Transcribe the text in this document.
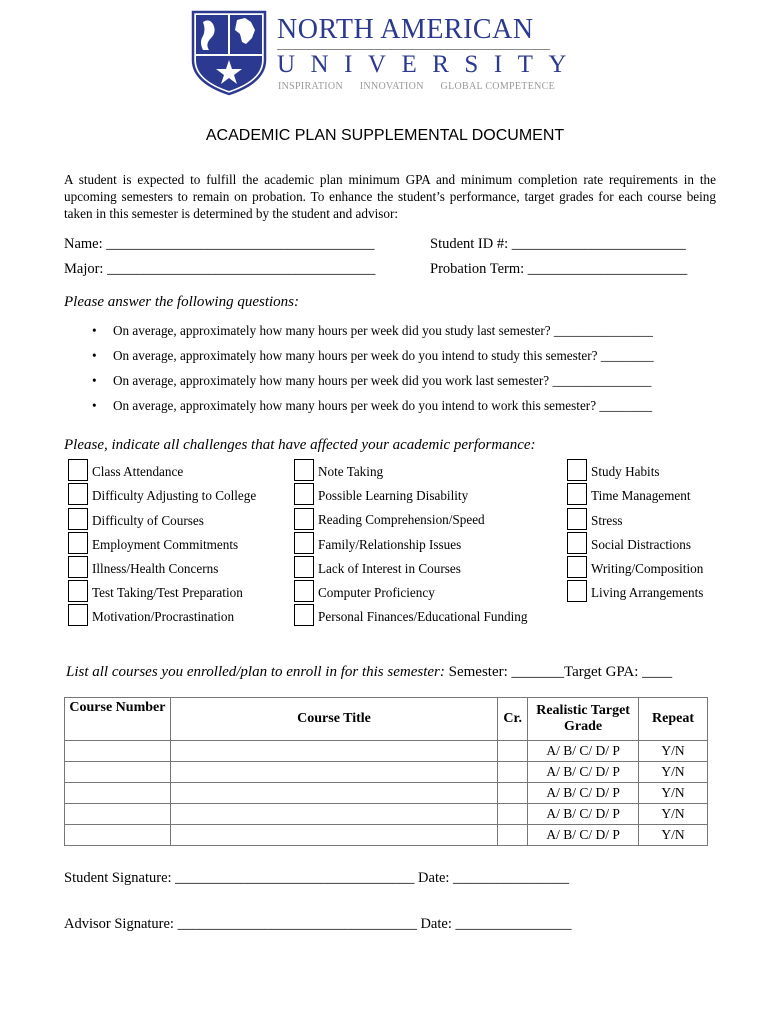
NORTH AMERICAN
UNIVERSITY
INSPIRATION INNOVATION GLOBAL COMPETENCE
ACADEMIC PLAN SUPPLEMENTAL DOCUMENT
A student is expected to fulfill the academic plan minimum GPA and minimum completion rate requirements in the upcoming semesters to remain on probation. To enhance the student’s performance, target grades for each course being taken in this semester is determined by the student and advisor:
Name: _____________________________________	Student ID #: ________________________
Major: _____________________________________	Probation Term: ______________________
Please answer the following questions:
• On average, approximately how many hours per week did you study last semester? _______________
• On average, approximately how many hours per week do you intend to study this semester? ________
• On average, approximately how many hours per week did you work last semester? _______________
• On average, approximately how many hours per week do you intend to work this semester? ________
Please, indicate all challenges that have affected your academic performance:
Class Attendance
Difficulty Adjusting to College
Difficulty of Courses
Employment Commitments
Illness/Health Concerns
Test Taking/Test Preparation
Motivation/Procrastination
Note Taking
Possible Learning Disability
Reading Comprehension/Speed
Family/Relationship Issues
Lack of Interest in Courses
Computer Proficiency
Personal Finances/Educational Funding
Study Habits
Time Management
Stress
Social Distractions
Writing/Composition
Living Arrangements
List all courses you enrolled/plan to enroll in for this semester: Semester: _______Target GPA: ____
Course Number	Course Title	Cr.	Realistic Target Grade	Repeat
			A/ B/ C/ D/ P	Y/N
			A/ B/ C/ D/ P	Y/N
			A/ B/ C/ D/ P	Y/N
			A/ B/ C/ D/ P	Y/N
			A/ B/ C/ D/ P	Y/N
Student Signature: _________________________________ Date: ________________
Advisor Signature: _________________________________ Date: ________________
